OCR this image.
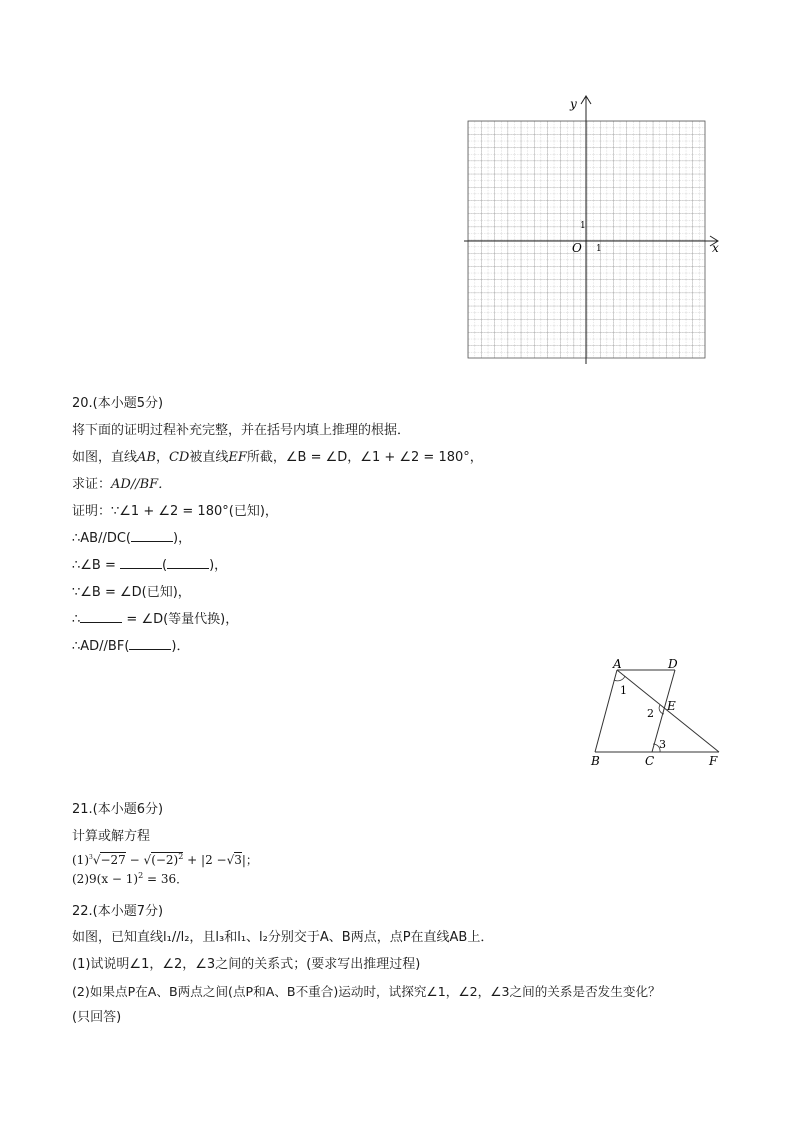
y
x
O 1
1
20.(本小题5分)
将下面的证明过程补充完整，并在括号内填上推理的根据．
如图，直线AB，CD被直线EF所截，∠B = ∠D，∠1 + ∠2 = 180°，
求证：AD//BF．
证明：∵∠1 + ∠2 = 180°(已知)，
∴AB//DC(	)，
∴∠B =	(	)，
∵∠B = ∠D(已知)，
∴	= ∠D(等量代换)，
∴AD//BF(	)．
A	D
E
B	C	F
1
2
3
21.(本小题6分)
计算或解方程
$(1)^3√-27 - √(-2)^2 + |2 -√3|$；
$(2)9(x - 1)^2 = 36$．
22.(本小题7分)
如图，已知直线l₁//l₂，且l₃和l₁、l₂分别交于A、B两点，点P在直线AB上．
(1)试说明∠1，∠2，∠3之间的关系式；(要求写出推理过程)
(2)如果点P在A、B两点之间(点P和A、B不重合)运动时，试探究∠1，∠2，∠3之间的关系是否发生变化？
(只回答)
